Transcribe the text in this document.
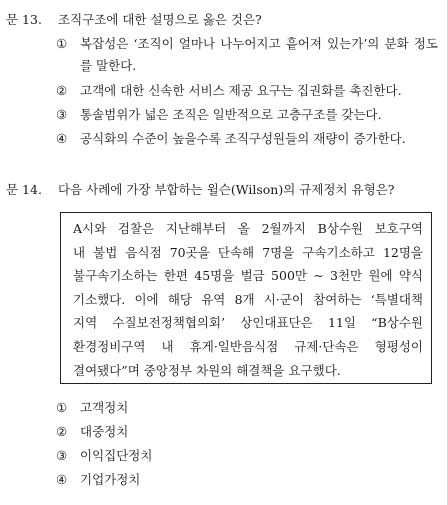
문 13. 조직구조에 대한 설명으로 옳은 것은?
①	복잡성은 ‘조직이 얼마나 나누어지고 흩어져 있는가’의 분화 정도를 말한다.
②	고객에 대한 신속한 서비스 제공 요구는 집권화를 촉진한다.
③	통솔범위가 넓은 조직은 일반적으로 고층구조를 갖는다.
④	공식화의 수준이 높을수록 조직구성원들의 재량이 증가한다.
문 14. 다음 사례에 가장 부합하는 윌슨(Wilson)의 규제정치 유형은?
A시와 검찰은 지난해부터 올 2월까지 B상수원 보호구역
내 불법 음식점 70곳을 단속해 7명을 구속기소하고 12명을
불구속기소하는 한편 45명을 벌금 500만 ~ 3천만 원에 약식
기소했다. 이에 해당 유역 8개 시·군이 참여하는 ‘특별대책
지역 수질보전정책협의회’ 상인대표단은 11일 “B상수원
환경정비구역 내 휴게·일반음식점 규제·단속은 형평성이
결여됐다”며 중앙정부 차원의 해결책을 요구했다.
① 고객정치
② 대중정치
③ 이익집단정치
④ 기업가정치
